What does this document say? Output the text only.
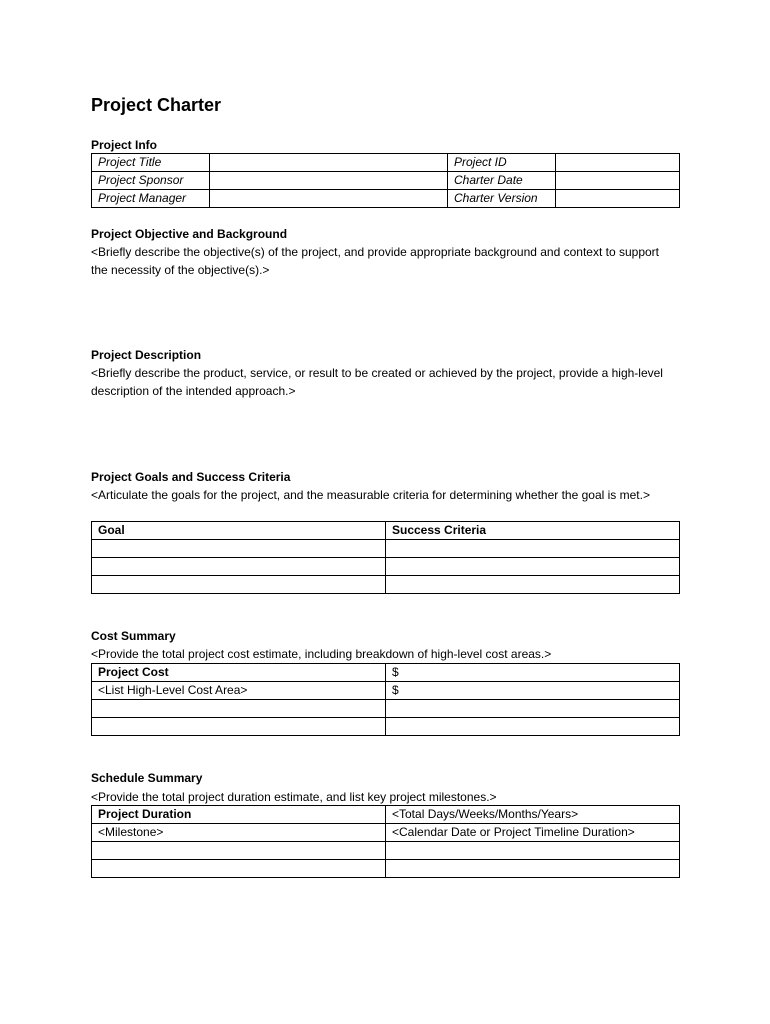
Project Charter
Project Info
Project Title		Project ID	
Project Sponsor		Charter Date	
Project Manager		Charter Version	
Project Objective and Background

<Briefly describe the objective(s) of the project, and provide appropriate background and context to support the necessity of the objective(s).>

Project Description

<Briefly describe the product, service, or result to be created or achieved by the project, provide a high-level description of the intended approach.>

Project Goals and Success Criteria

<Articulate the goals for the project, and the measurable criteria for determining whether the goal is met.>

Goal	Success Criteria

Cost Summary

<Provide the total project cost estimate, including breakdown of high-level cost areas.>

Project Cost	$
<List High-Level Cost Area>	$

Schedule Summary

<Provide the total project duration estimate, and list key project milestones.>

Project Duration	<Total Days/Weeks/Months/Years>
<Milestone>	<Calendar Date or Project Timeline Duration>
